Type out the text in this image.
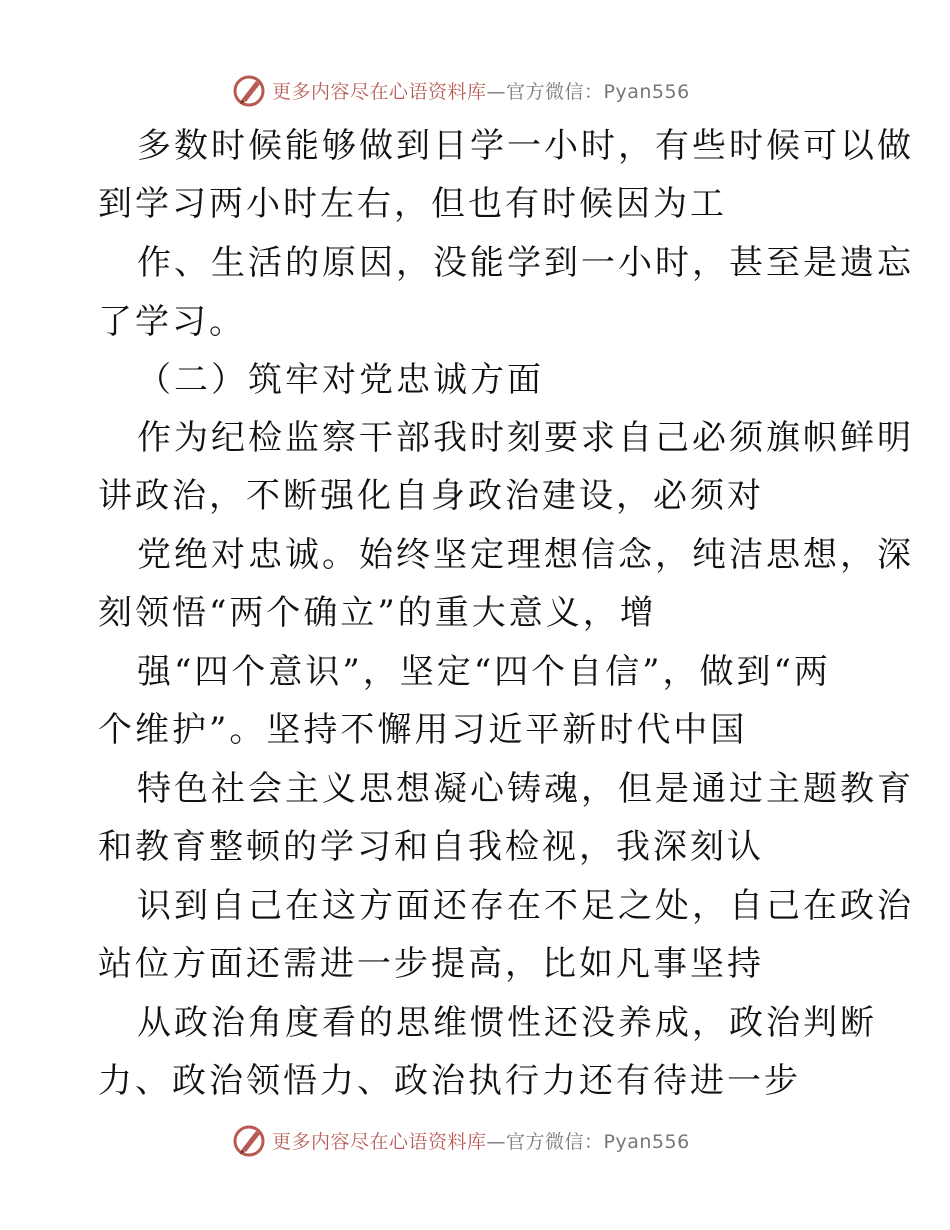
更多内容尽在心语资料库 —官方微信：Pyan556
多数时候能够做到日学一小时，有些时候可以做
到学习两小时左右，但也有时候因为工
作、生活的原因，没能学到一小时，甚至是遗忘
了学习。
（二）筑牢对党忠诚方面
作为纪检监察干部我时刻要求自己必须旗帜鲜明
讲政治，不断强化自身政治建设，必须对
党绝对忠诚。始终坚定理想信念，纯洁思想，深
刻领悟“两个确立”的重大意义，增
强“四个意识”，坚定“四个自信”，做到“两
个维护”。坚持不懈用习近平新时代中国
特色社会主义思想凝心铸魂，但是通过主题教育
和教育整顿的学习和自我检视，我深刻认
识到自己在这方面还存在不足之处，自己在政治
站位方面还需进一步提高，比如凡事坚持
从政治角度看的思维惯性还没养成，政治判断
力、政治领悟力、政治执行力还有待进一步
更多内容尽在心语资料库 —官方微信：Pyan556
